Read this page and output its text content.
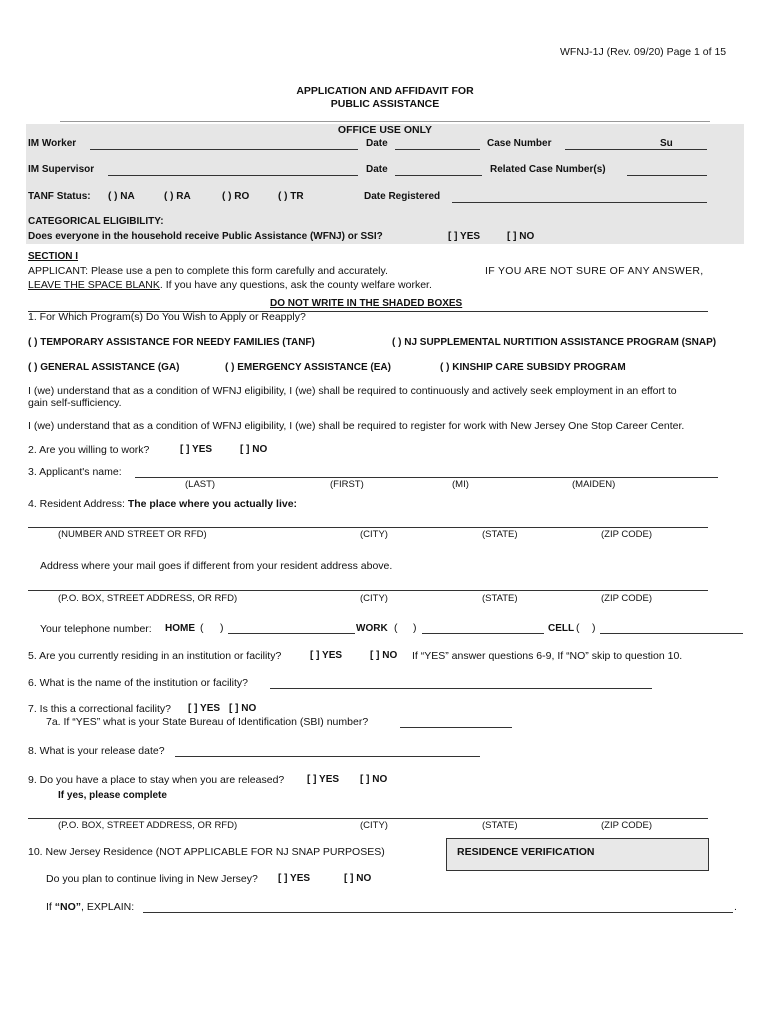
WFNJ-1J (Rev. 09/20) Page 1 of 15
APPLICATION AND AFFIDAVIT FOR
PUBLIC ASSISTANCE
OFFICE USE ONLY
IM Worker	Date	Case Number	Su
IM Supervisor	Date	Related Case Number(s)
TANF Status: ( ) NA	( ) RA	( ) RO	( ) TR	Date Registered
CATEGORICAL ELIGIBILITY:
Does everyone in the household receive Public Assistance (WFNJ) or SSI?	[ ] YES	[ ] NO
SECTION I
APPLICANT: Please use a pen to complete this form carefully and accurately.	IF YOU ARE NOT SURE OF ANY ANSWER,
LEAVE THE SPACE BLANK. If you have any questions, ask the county welfare worker.
DO NOT WRITE IN THE SHADED BOXES
1. For Which Program(s) Do You Wish to Apply or Reapply?
( ) TEMPORARY ASSISTANCE FOR NEEDY FAMILIES (TANF)	( ) NJ SUPPLEMENTAL NURTITION ASSISTANCE PROGRAM (SNAP)
( ) GENERAL ASSISTANCE (GA)	( ) EMERGENCY ASSISTANCE (EA)	( ) KINSHIP CARE SUBSIDY PROGRAM
I (we) understand that as a condition of WFNJ eligibility, I (we) shall be required to continuously and actively seek employment in an effort to
gain self-sufficiency.
I (we) understand that as a condition of WFNJ eligibility, I (we) shall be required to register for work with New Jersey One Stop Career Center.
2. Are you willing to work?	[ ] YES	[ ] NO
3. Applicant's name:
(LAST)	(FIRST)	(MI)	(MAIDEN)
4. Resident Address: The place where you actually live:
(NUMBER AND STREET OR RFD)	(CITY)	(STATE)	(ZIP CODE)
Address where your mail goes if different from your resident address above.
(P.O. BOX, STREET ADDRESS, OR RFD)	(CITY)	(STATE)	(ZIP CODE)
Your telephone number: HOME ( )	WORK ( )	CELL ( )
5. Are you currently residing in an institution or facility?	[ ] YES	[ ] NO If “YES” answer questions 6-9, If “NO” skip to question 10.
6. What is the name of the institution or facility?
7. Is this a correctional facility? [ ] YES [ ] NO
7a. If “YES” what is your State Bureau of Identification (SBI) number?
8. What is your release date?
9. Do you have a place to stay when you are released? [ ] YES [ ] NO
If yes, please complete
(P.O. BOX, STREET ADDRESS, OR RFD)	(CITY)	(STATE)	(ZIP CODE)
10. New Jersey Residence (NOT APPLICABLE FOR NJ SNAP PURPOSES)	RESIDENCE VERIFICATION
Do you plan to continue living in New Jersey? [ ] YES	[ ] NO
If “NO”, EXPLAIN:	.
